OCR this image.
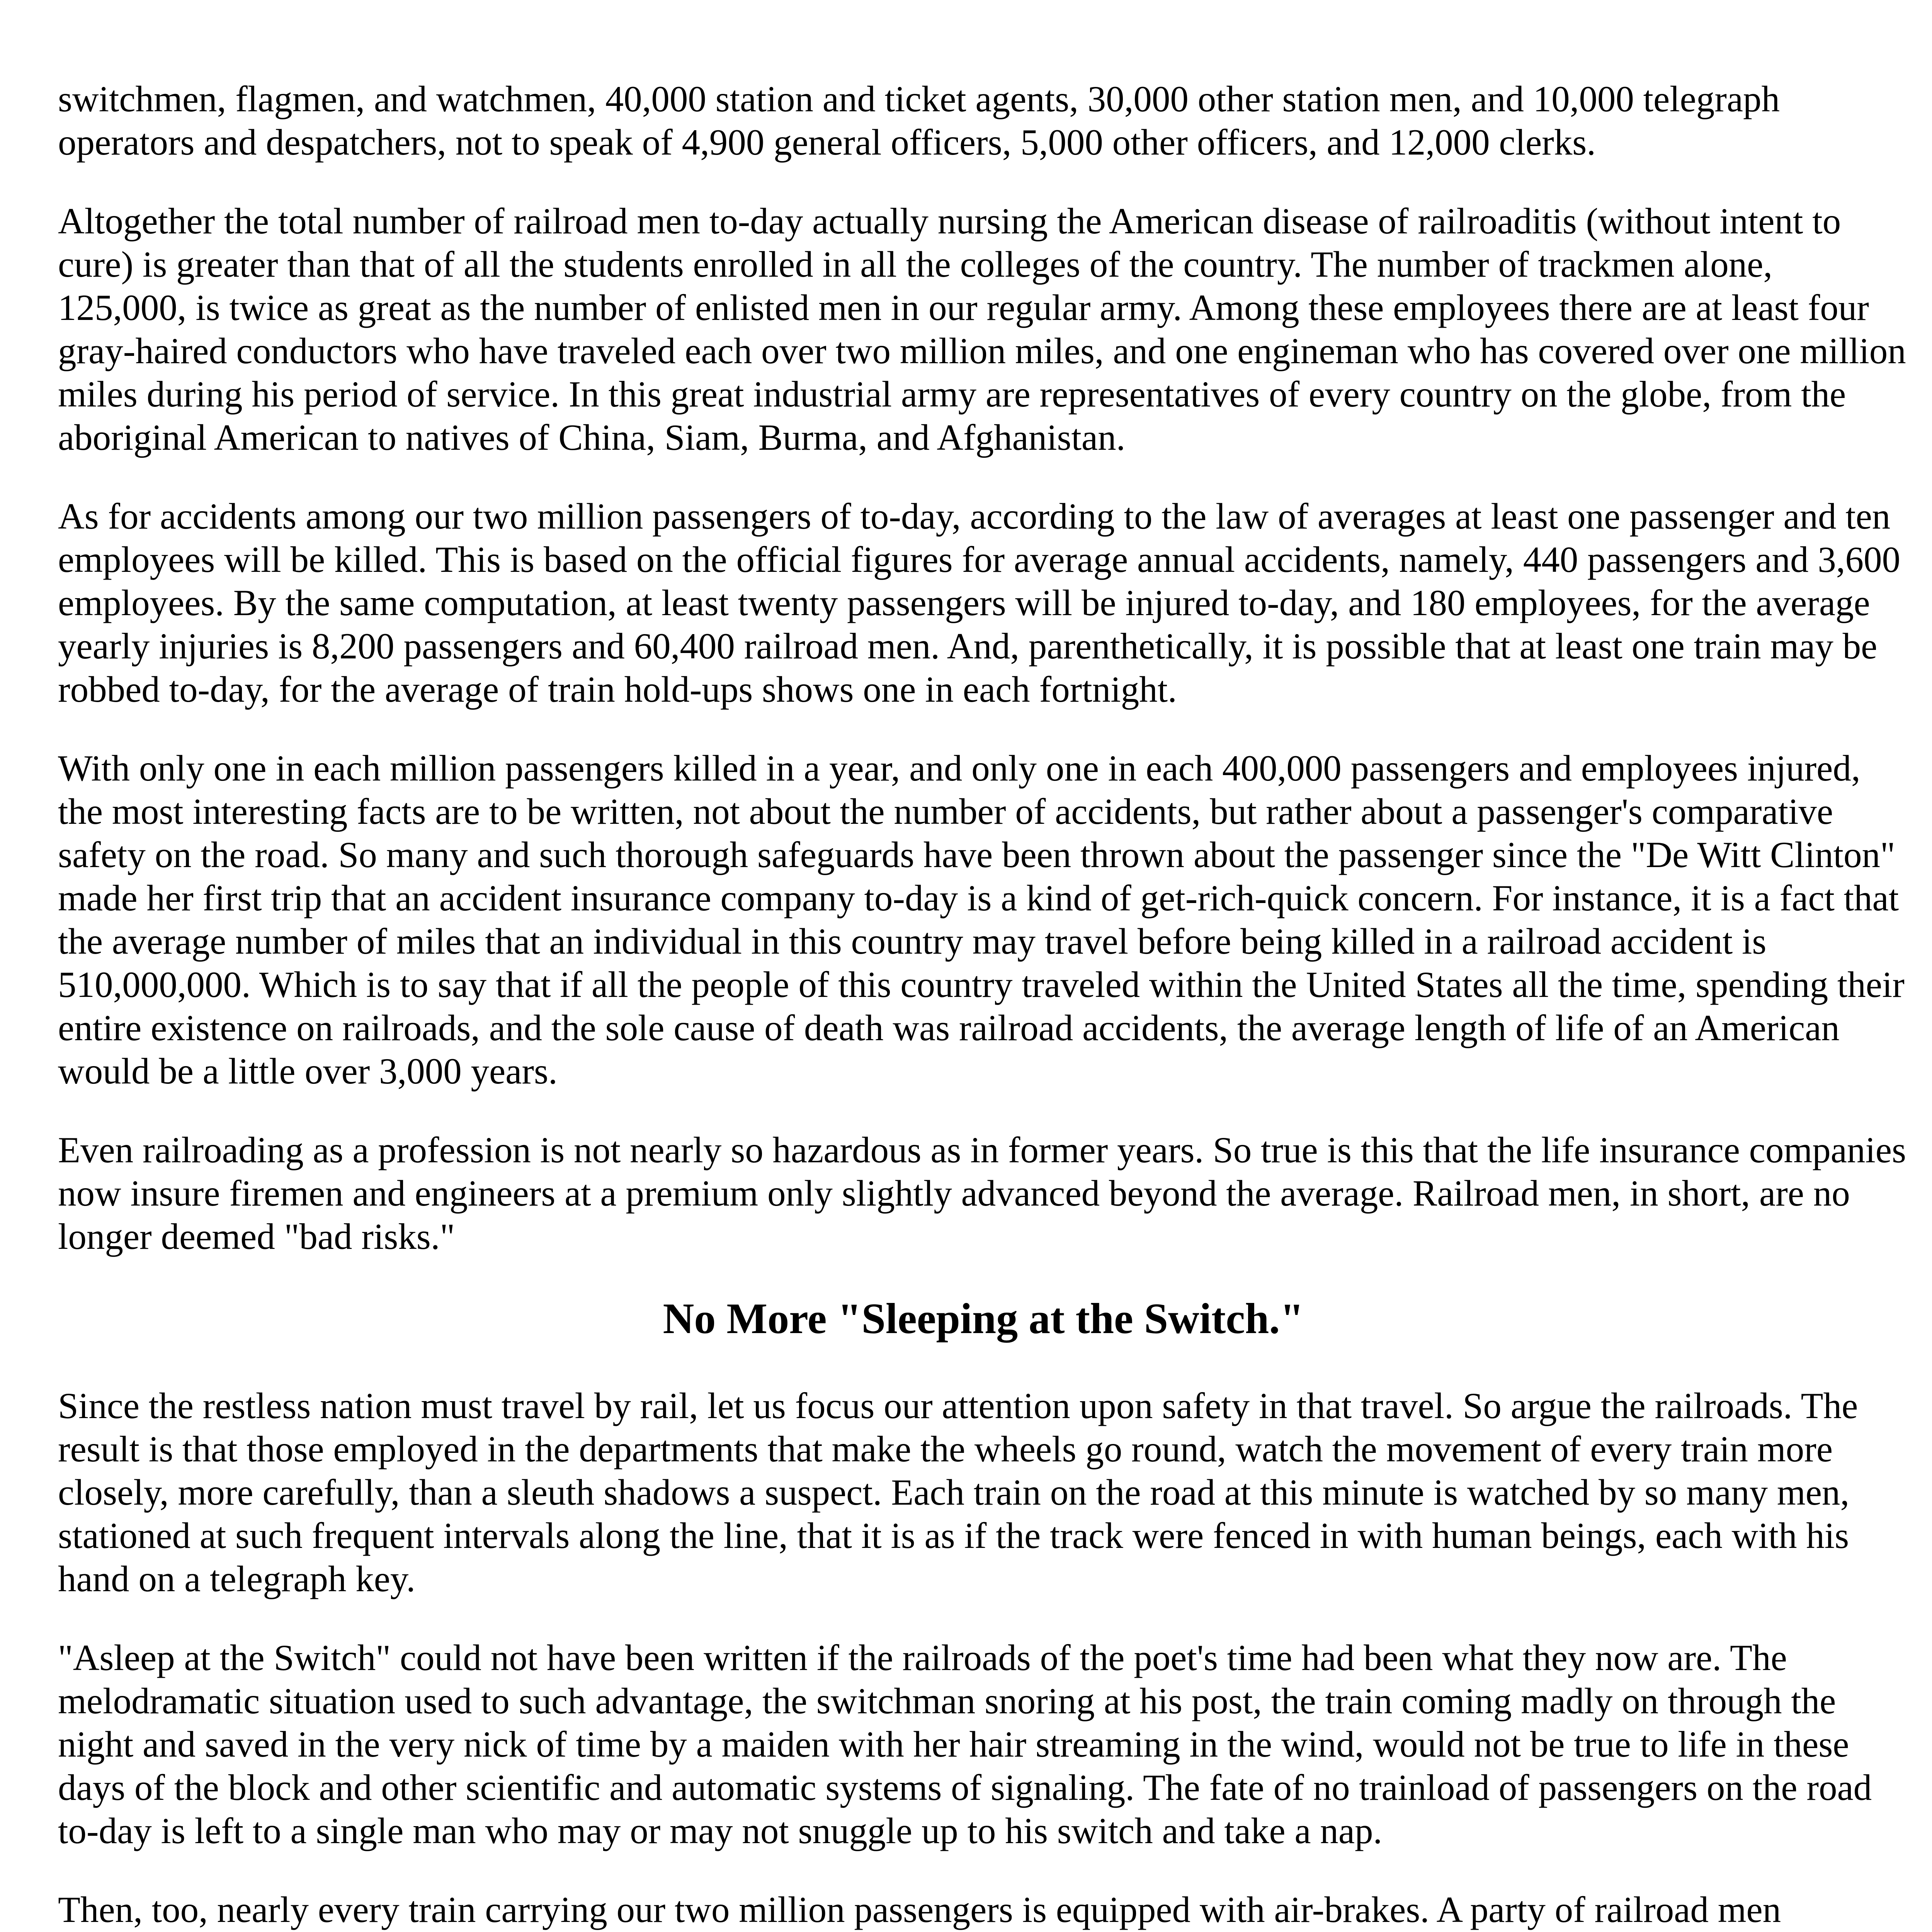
switchmen, flagmen, and watchmen, 40,000 station and ticket agents, 30,000 other station men, and 10,000 telegraph operators and despatchers, not to speak of 4,900 general officers, 5,000 other officers, and 12,000 clerks.

Altogether the total number of railroad men to-day actually nursing the American disease of railroaditis (without intent to cure) is greater than that of all the students enrolled in all the colleges of the country. The number of trackmen alone, 125,000, is twice as great as the number of enlisted men in our regular army. Among these employees there are at least four gray-haired conductors who have traveled each over two million miles, and one engineman who has covered over one million miles during his period of service. In this great industrial army are representatives of every country on the globe, from the aboriginal American to natives of China, Siam, Burma, and Afghanistan.

As for accidents among our two million passengers of to-day, according to the law of averages at least one passenger and ten employees will be killed. This is based on the official figures for average annual accidents, namely, 440 passengers and 3,600 employees. By the same computation, at least twenty passengers will be injured to-day, and 180 employees, for the average yearly injuries is 8,200 passengers and 60,400 railroad men. And, parenthetically, it is possible that at least one train may be robbed to-day, for the average of train hold-ups shows one in each fortnight.

With only one in each million passengers killed in a year, and only one in each 400,000 passengers and employees injured, the most interesting facts are to be written, not about the number of accidents, but rather about a passenger's comparative safety on the road. So many and such thorough safeguards have been thrown about the passenger since the "De Witt Clinton" made her first trip that an accident insurance company to-day is a kind of get-rich-quick concern. For instance, it is a fact that the average number of miles that an individual in this country may travel before being killed in a railroad accident is 510,000,000. Which is to say that if all the people of this country traveled within the United States all the time, spending their entire existence on railroads, and the sole cause of death was railroad accidents, the average length of life of an American would be a little over 3,000 years.

Even railroading as a profession is not nearly so hazardous as in former years. So true is this that the life insurance companies now insure firemen and engineers at a premium only slightly advanced beyond the average. Railroad men, in short, are no longer deemed "bad risks."

No More "Sleeping at the Switch."

Since the restless nation must travel by rail, let us focus our attention upon safety in that travel. So argue the railroads. The result is that those employed in the departments that make the wheels go round, watch the movement of every train more closely, more carefully, than a sleuth shadows a suspect. Each train on the road at this minute is watched by so many men, stationed at such frequent intervals along the line, that it is as if the track were fenced in with human beings, each with his hand on a telegraph key.

"Asleep at the Switch" could not have been written if the railroads of the poet's time had been what they now are. The melodramatic situation used to such advantage, the switchman snoring at his post, the train coming madly on through the night and saved in the very nick of time by a maiden with her hair streaming in the wind, would not be true to life in these days of the block and other scientific and automatic systems of signaling. The fate of no trainload of passengers on the road to-day is left to a single man who may or may not snuggle up to his switch and take a nap.

Then, too, nearly every train carrying our two million passengers is equipped with air-brakes. A party of railroad men
